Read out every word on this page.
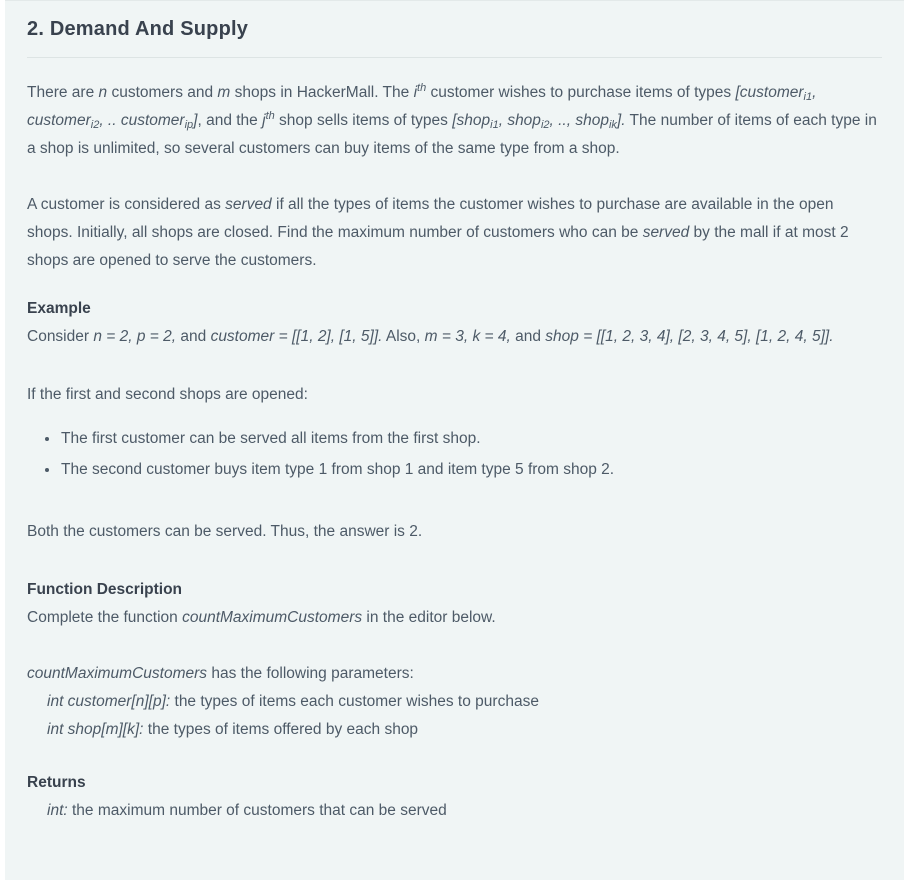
2. Demand And Supply

There are n customers and m shops in HackerMall. The $i^{th}$ customer wishes to purchase items of types [customeri1, customeri2, .. customerip], and the $j^{th}$ shop sells items of types [shopi1, shopi2, .., shopik]. The number of items of each type in a shop is unlimited, so several customers can buy items of the same type from a shop.

A customer is considered as served if all the types of items the customer wishes to purchase are available in the open shops. Initially, all shops are closed. Find the maximum number of customers who can be served by the mall if at most 2 shops are opened to serve the customers.

Example
Consider n = 2, p = 2, and customer = [[1, 2], [1, 5]]. Also, m = 3, k = 4, and shop = [[1, 2, 3, 4], [2, 3, 4, 5], [1, 2, 4, 5]].

If the first and second shops are opened:

• The first customer can be served all items from the first shop.
• The second customer buys item type 1 from shop 1 and item type 5 from shop 2.

Both the customers can be served. Thus, the answer is 2.

Function Description
Complete the function countMaximumCustomers in the editor below.
countMaximumCustomers has the following parameters:
int customer[n][p]: the types of items each customer wishes to purchase
int shop[m][k]: the types of items offered by each shop
Returns
int: the maximum number of customers that can be served
